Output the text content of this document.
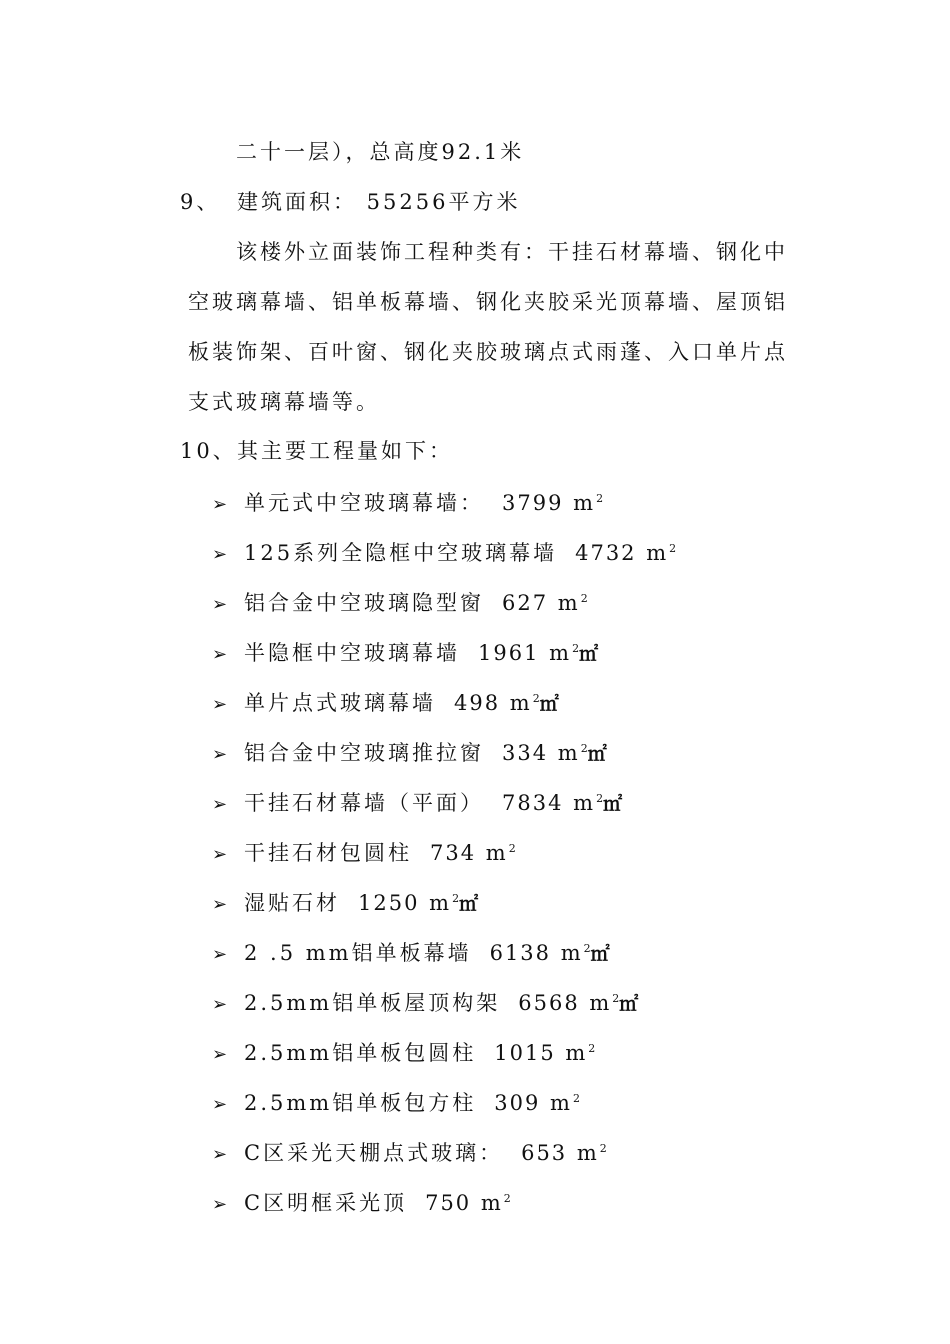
二十一层），总高度92.1米
9、 建筑面积： 55256平方米
该楼外立面装饰工程种类有：干挂石材幕墙、钢化中
空玻璃幕墙、铝单板幕墙、钢化夹胶采光顶幕墙、屋顶铝
板装饰架、百叶窗、钢化夹胶玻璃点式雨蓬、入口单片点
支式玻璃幕墙等。
10、其主要工程量如下：
➢ 单元式中空玻璃幕墙： 3799 $m^2$
➢ 125系列全隐框中空玻璃幕墙 4732 $m^2$
➢ 铝合金中空玻璃隐型窗 627 $m^2$
➢ 半隐框中空玻璃幕墙 1961 $m^2㎡$
➢ 单片点式玻璃幕墙 498 $m^2㎡$
➢ 铝合金中空玻璃推拉窗 334 $m^2㎡$
➢ 干挂石材幕墙（平面） 7834 $m^2㎡$
➢ 干挂石材包圆柱 734 $m^2$
➢ 湿贴石材 1250 $m^2㎡$
➢ 2 .5 mm铝单板幕墙 6138 $m^2㎡$
➢ 2.5mm铝单板屋顶构架 6568 $m^2㎡$
➢ 2.5mm铝单板包圆柱 1015 $m^2$
➢ 2.5mm铝单板包方柱 309 $m^2$
➢ C区采光天棚点式玻璃： 653 $m^2$
➢ C区明框采光顶 750 $m^2$
